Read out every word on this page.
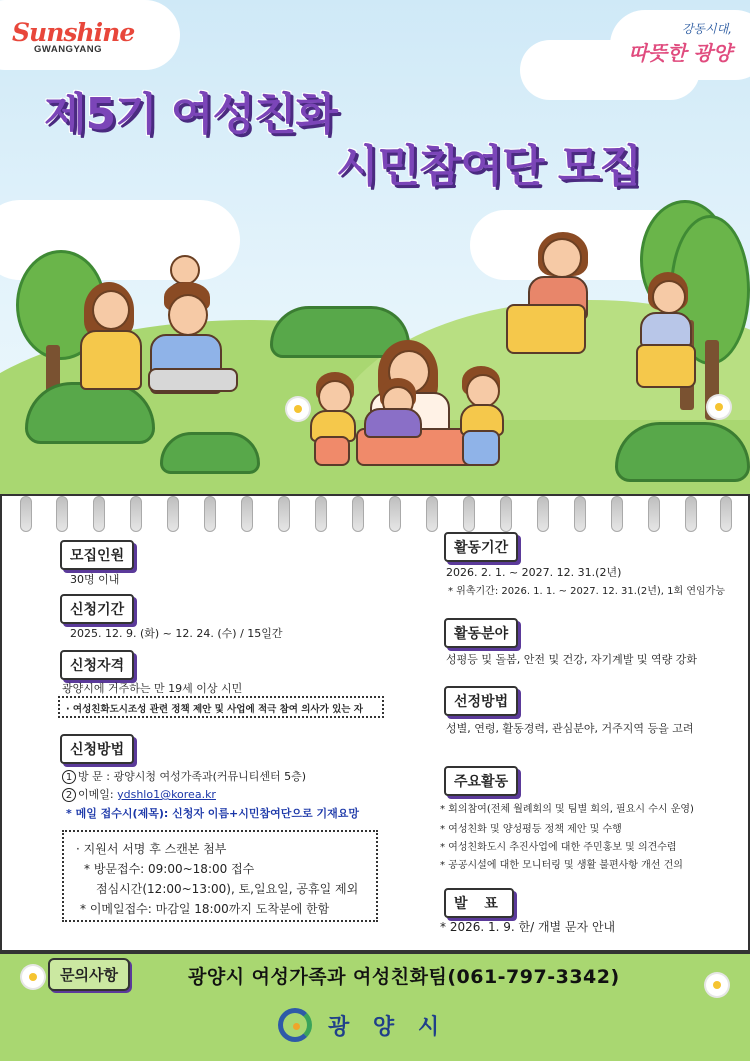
Sunshine
GWANGYANG
강동시대,
따뜻한 광양
제5기 여성친화
시민참여단 모집
모집인원
30명 이내
신청기간
2025. 12. 9. (화) ~ 12. 24. (수) / 15일간
신청자격
광양시에 거주하는 만 19세 이상 시민
· 여성친화도시조성 관련 정책 제안 및 사업에 적극 참여 의사가 있는 자
신청방법
1 방 문 : 광양시청 여성가족과(커뮤니티센터 5층)
2 이메일: ydshlo1@korea.kr
* 메일 접수시(제목): 신청자 이름+시민참여단으로 기재요망
· 지원서 서명 후 스캔본 첨부
* 방문접수: 09:00~18:00 접수
점심시간(12:00~13:00), 토,일요일, 공휴일 제외
* 이메일접수: 마감일 18:00까지 도착분에 한함
활동기간
2026. 2. 1. ~ 2027. 12. 31.(2년)
* 위촉기간: 2026. 1. 1. ~ 2027. 12. 31.(2년), 1회 연임가능
활동분야
성평등 및 돌봄, 안전 및 건강, 자기계발 및 역량 강화
선정방법
성별, 연령, 활동경력, 관심분야, 거주지역 등을 고려
주요활동
* 회의참여(전체 월례회의 및 팀별 회의, 필요시 수시 운영)
* 여성친화 및 양성평등 정책 제안 및 수행
* 여성친화도시 추진사업에 대한 주민홍보 및 의견수렴
* 공공시설에 대한 모니터링 및 생활 불편사항 개선 건의
발 표
* 2026. 1. 9. 한/ 개별 문자 안내
문의사항	광양시 여성가족과 여성친화팀(061-797-3342)
광 양 시
